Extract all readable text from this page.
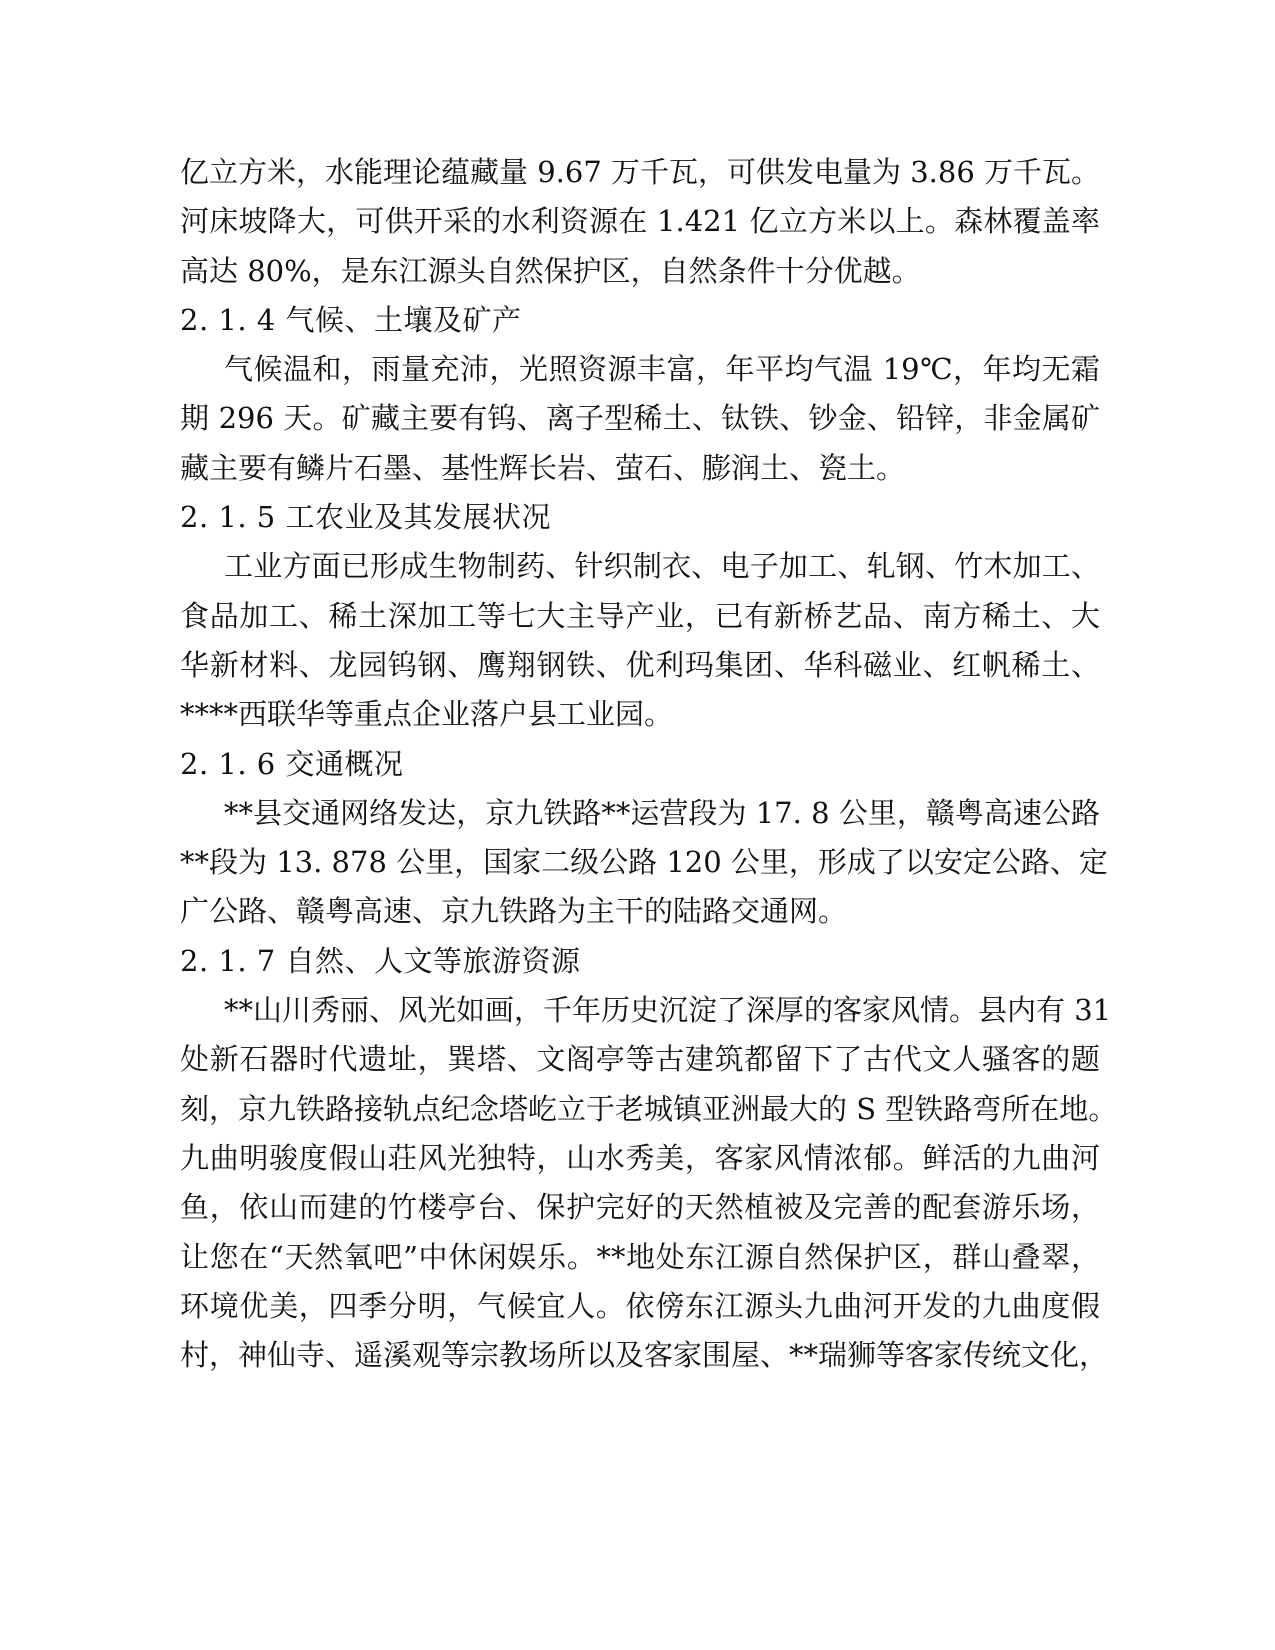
亿立方米，水能理论蕴藏量 9.67 万千瓦，可供发电量为 3.86 万千瓦。
河床坡降大，可供开采的水利资源在 1.421 亿立方米以上。森林覆盖率
高达 80%，是东江源头自然保护区，自然条件十分优越。
2. 1. 4 气候、土壤及矿产
气候温和，雨量充沛，光照资源丰富，年平均气温 19℃，年均无霜
期 296 天。矿藏主要有钨、离子型稀土、钛铁、钞金、铅锌，非金属矿
藏主要有鳞片石墨、基性辉长岩、萤石、膨润土、瓷土。
2. 1. 5 工农业及其发展状况
工业方面已形成生物制药、针织制衣、电子加工、轧钢、竹木加工、
食品加工、稀土深加工等七大主导产业，已有新桥艺品、南方稀土、大
华新材料、龙园钨钢、鹰翔钢铁、优利玛集团、华科磁业、红帆稀土、
****西联华等重点企业落户县工业园。
2. 1. 6 交通概况
**县交通网络发达，京九铁路**运营段为 17. 8 公里，赣粤高速公路
**段为 13. 878 公里，国家二级公路 120 公里，形成了以安定公路、定
广公路、赣粤高速、京九铁路为主干的陆路交通网。
2. 1. 7 自然、人文等旅游资源
**山川秀丽、风光如画，千年历史沉淀了深厚的客家风情。县内有 31
处新石器时代遗址，巽塔、文阁亭等古建筑都留下了古代文人骚客的题
刻，京九铁路接轨点纪念塔屹立于老城镇亚洲最大的 S 型铁路弯所在地。
九曲明骏度假山荘风光独特，山水秀美，客家风情浓郁。鲜活的九曲河
鱼，依山而建的竹楼亭台、保护完好的天然植被及完善的配套游乐场，
让您在“天然氧吧”中休闲娱乐。**地处东江源自然保护区，群山叠翠，
环境优美，四季分明，气候宜人。依傍东江源头九曲河开发的九曲度假
村，神仙寺、遥溪观等宗教场所以及客家围屋、**瑞狮等客家传统文化，
